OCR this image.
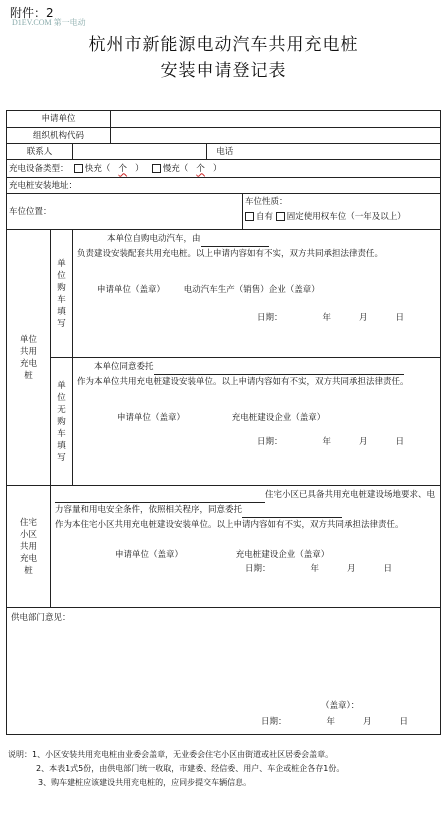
附件：2
D1EV.COM 第一电动
杭州市新能源电动汽车共用充电桩
安装申请登记表
申请单位					
组织机构代码					
联系人				电话	
充电设备类型： 快充（ 个 ） 慢充（ 个 ）					
充电桩安装地址：					
车位位置：					车位性质：
自有 固定使用权车位（一年及以上）

单位共用充电桩	单位购车填写	本单位自购电动汽车，由

负责建设安装配套共用充电桩。以上申请内容如有不实，双方共同承担法律责任。

申请单位（盖章） 电动汽车生产（销售）企业（盖章）
日期： 年 月 日			

	单位无购车填写	本单位同意委托

作为本单位共用充电桩建设安装单位。以上申请内容如有不实，双方共同承担法律责任。

申请单位（盖章） 充电桩建设企业（盖章）
日期： 年 月 日			

住宅小区共用充电桩	住宅小区已具备共用充电桩建设场地要求、电力容量和用电安全条件，依照相关程序，同意委托

作为本住宅小区共用充电桩建设安装单位。以上申请内容如有不实，双方共同承担法律责任。

申请单位（盖章） 充电桩建设企业（盖章）
日期： 年 月 日				

供电部门意见：
（盖章）：
日期： 年 月 日					
说明：1、小区安装共用充电桩由业委会盖章，无业委会住宅小区由街道或社区居委会盖章。
2、本表1式5份，由供电部门统一收取，市建委、经信委、用户、车企或桩企各存1份。
3、购车建桩应该建设共用充电桩的，应同步提交车辆信息。
